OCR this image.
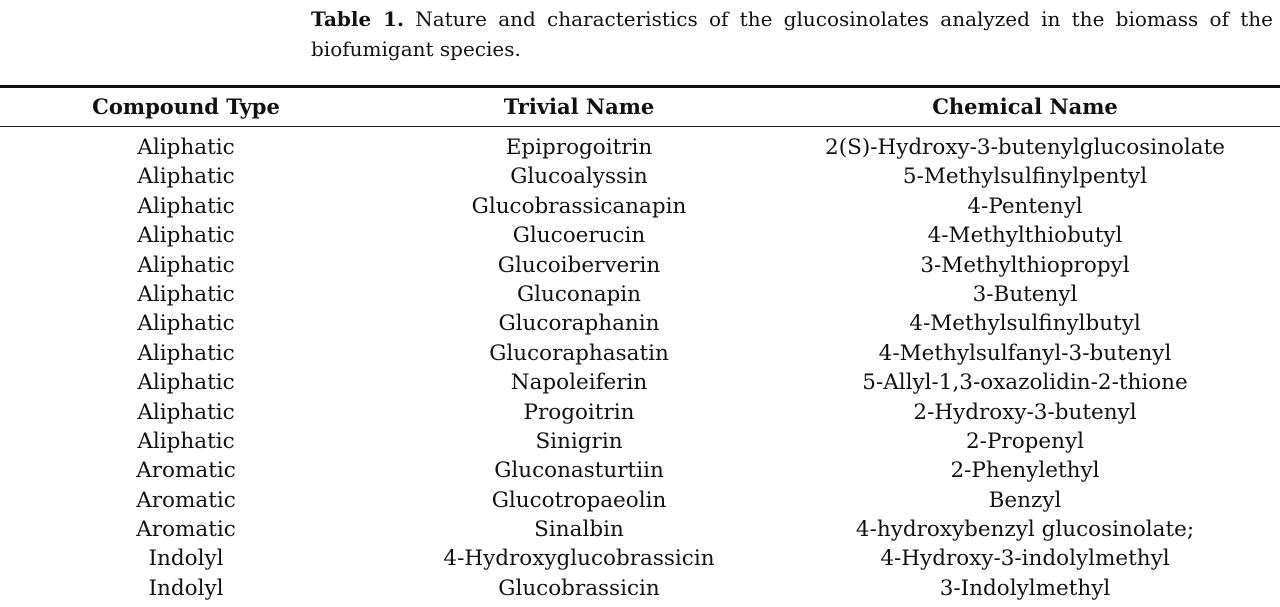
Table 1. Nature and characteristics of the glucosinolates analyzed in the biomass of the biofumigant species.
Compound Type	Trivial Name	Chemical Name
Aliphatic	Epiprogoitrin	2(S)-Hydroxy-3-butenylglucosinolate
Aliphatic	Glucoalyssin	5-Methylsulfinylpentyl
Aliphatic	Glucobrassicanapin	4-Pentenyl
Aliphatic	Glucoerucin	4-Methylthiobutyl
Aliphatic	Glucoiberverin	3-Methylthiopropyl
Aliphatic	Gluconapin	3-Butenyl
Aliphatic	Glucoraphanin	4-Methylsulfinylbutyl
Aliphatic	Glucoraphasatin	4-Methylsulfanyl-3-butenyl
Aliphatic	Napoleiferin	5-Allyl-1,3-oxazolidin-2-thione
Aliphatic	Progoitrin	2-Hydroxy-3-butenyl
Aliphatic	Sinigrin	2-Propenyl
Aromatic	Gluconasturtiin	2-Phenylethyl
Aromatic	Glucotropaeolin	Benzyl
Aromatic	Sinalbin	4-hydroxybenzyl glucosinolate;
Indolyl	4-Hydroxyglucobrassicin	4-Hydroxy-3-indolylmethyl
Indolyl	Glucobrassicin	3-Indolylmethyl
